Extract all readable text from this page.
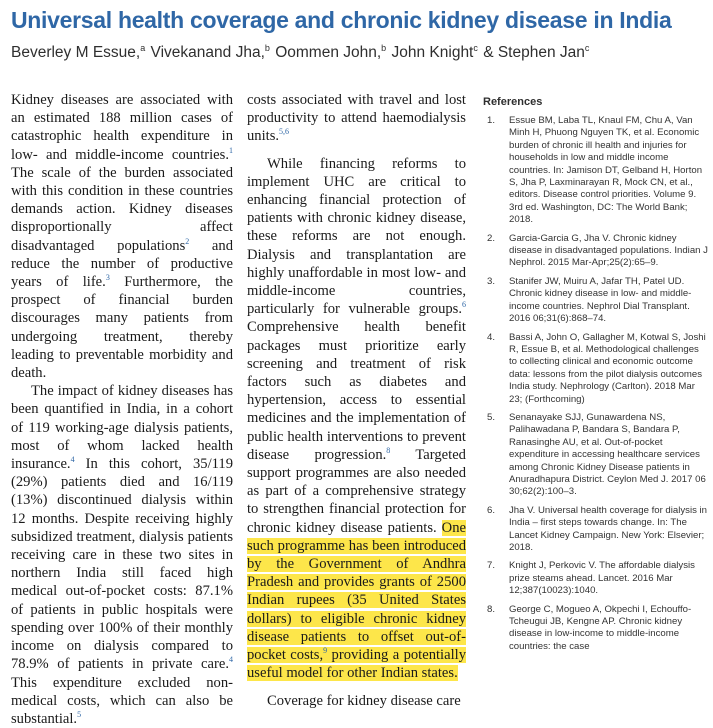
Universal health coverage and chronic kidney disease in India
Beverley M Essue,$^a$ Vivekanand Jha,$^b$ Oommen John,$^b$ John Knight$^c$ & Stephen Jan$^c$

Kidney diseases are associated with an estimated 188 million cases of catastrophic health expenditure in low- and middle-income countries.$^1$ The scale of the burden associated with this condition in these countries demands action. Kidney diseases disproportionally affect disadvantaged populations$^2$ and reduce the number of productive years of life.$^3$ Furthermore, the prospect of financial burden discourages many patients from undergoing treatment, thereby leading to preventable morbidity and death.

The impact of kidney diseases has been quantified in India, in a cohort of 119 working-age dialysis patients, most of whom lacked health insurance.$^4$ In this cohort, 35/119 (29%) patients died and 16/119 (13%) discontinued dialysis within 12 months. Despite receiving highly subsidized treatment, dialysis patients receiving care in these two sites in northern India still faced high medical out-of-pocket costs: 87.1% of patients in public hospitals were spending over 100% of their monthly income on dialysis compared to 78.9% of patients in private care.$^4$ This expenditure excluded non-medical costs, which can also be substantial.$^5$

costs associated with travel and lost productivity to attend haemodialysis units.$^{5,6}$

While financing reforms to implement UHC are critical to enhancing financial protection of patients with chronic kidney disease, these reforms are not enough. Dialysis and transplantation are highly unaffordable in most low- and middle-income countries, particularly for vulnerable groups.$^6$ Comprehensive health benefit packages must prioritize early screening and treatment of risk factors such as diabetes and hypertension, access to essential medicines and the implementation of public health interventions to prevent disease progression.$^8$ Targeted support programmes are also needed as part of a comprehensive strategy to strengthen financial protection for chronic kidney disease patients. One such programme has been introduced by the Government of Andhra Pradesh and provides grants of 2500 Indian rupees (35 United States dollars) to eligible chronic kidney disease patients to offset out-of-pocket costs,$^9$ providing a potentially useful model for other Indian states.

Coverage for kidney disease care

References
1. Essue BM, Laba TL, Knaul FM, Chu A, Van Minh H, Phuong Nguyen TK, et al. Economic burden of chronic ill health and injuries for households in low and middle income countries. In: Jamison DT, Gelband H, Horton S, Jha P, Laxminarayan R, Mock CN, et al., editors. Disease control priorities. Volume 9. 3rd ed. Washington, DC: The World Bank; 2018.
2. Garcia-Garcia G, Jha V. Chronic kidney disease in disadvantaged populations. Indian J Nephrol. 2015 Mar-Apr;25(2):65–9.
3. Stanifer JW, Muiru A, Jafar TH, Patel UD. Chronic kidney disease in low- and middle-income countries. Nephrol Dial Transplant. 2016 06;31(6):868–74.
4. Bassi A, John O, Gallagher M, Kotwal S, Joshi R, Essue B, et al. Methodological challenges to collecting clinical and economic outcome data: lessons from the pilot dialysis outcomes India study. Nephrology (Carlton). 2018 Mar 23; (Forthcoming)
5. Senanayake SJJ, Gunawardena NS, Palihawadana P, Bandara S, Bandara P, Ranasinghe AU, et al. Out-of-pocket expenditure in accessing healthcare services among Chronic Kidney Disease patients in Anuradhapura District. Ceylon Med J. 2017 06 30;62(2):100–3.
6. Jha V. Universal health coverage for dialysis in India – first steps towards change. In: The Lancet Kidney Campaign. New York: Elsevier; 2018.
7. Knight J, Perkovic V. The affordable dialysis prize steams ahead. Lancet. 2016 Mar 12;387(10023):1040.
8. George C, Mogueo A, Okpechi I, Echouffo-Tcheugui JB, Kengne AP. Chronic kidney disease in low-income to middle-income countries: the case
